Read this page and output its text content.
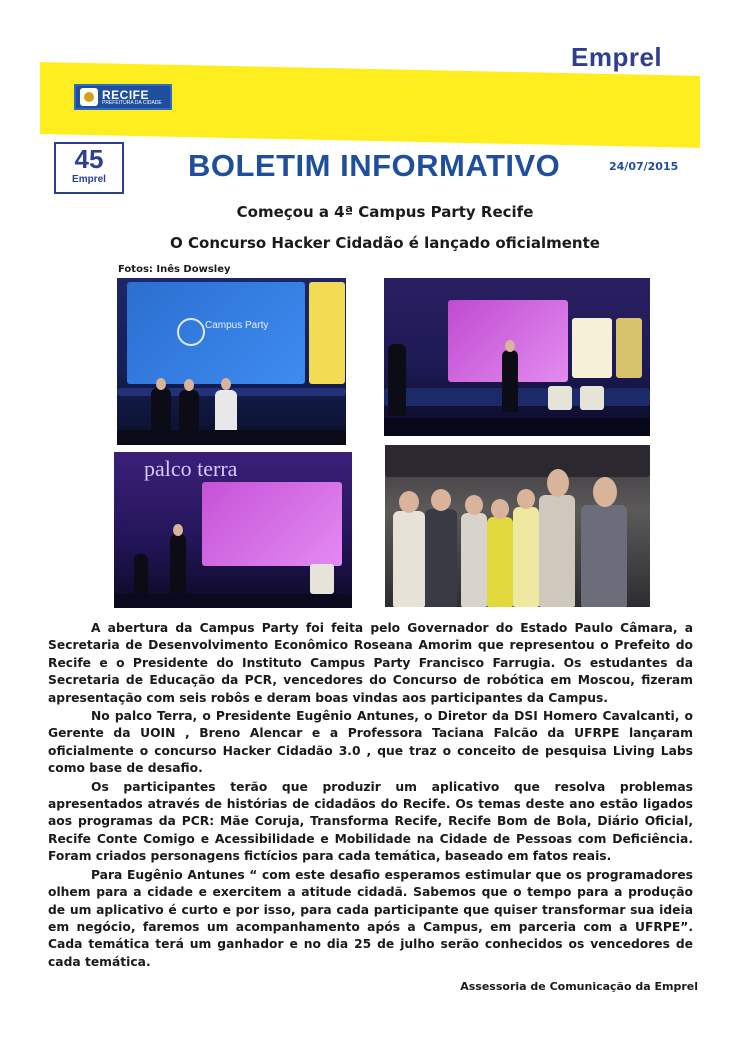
Emprel
RECIFE
PREFEITURA DA CIDADE
45
Emprel	BOLETIM INFORMATIVO	24/07/2015
Começou a 4ª Campus Party Recife
O Concurso Hacker Cidadão é lançado oficialmente
Fotos: Inês Dowsley
Campus Party
palco terra

A abertura da Campus Party foi feita pelo Governador do Estado Paulo Câmara, a Secretaria de Desenvolvimento Econômico Roseana Amorim que representou o Prefeito do Recife e o Presidente do Instituto Campus Party Francisco Farrugia. Os estudantes da Secretaria de Educação da PCR, vencedores do Concurso de robótica em Moscou, fizeram apresentação com seis robôs e deram boas vindas aos participantes da Campus.

No palco Terra, o Presidente Eugênio Antunes, o Diretor da DSI Homero Cavalcanti, o Gerente da UOIN , Breno Alencar e a Professora Taciana Falcão da UFRPE lançaram oficialmente o concurso Hacker Cidadão 3.0 , que traz o conceito de pesquisa Living Labs como base de desafio.

Os participantes terão que produzir um aplicativo que resolva problemas apresentados através de histórias de cidadãos do Recife. Os temas deste ano estão ligados aos programas da PCR: Mãe Coruja, Transforma Recife, Recife Bom de Bola, Diário Oficial, Recife Conte Comigo e Acessibilidade e Mobilidade na Cidade de Pessoas com Deficiência. Foram criados personagens fictícios para cada temática, baseado em fatos reais.

Para Eugênio Antunes “ com este desafio esperamos estimular que os programadores olhem para a cidade e exercitem a atitude cidadã. Sabemos que o tempo para a produção de um aplicativo é curto e por isso, para cada participante que quiser transformar sua ideia em negócio, faremos um acompanhamento após a Campus, em parceria com a UFRPE”. Cada temática terá um ganhador e no dia 25 de julho serão conhecidos os vencedores de cada temática.

Assessoria de Comunicação da Emprel
